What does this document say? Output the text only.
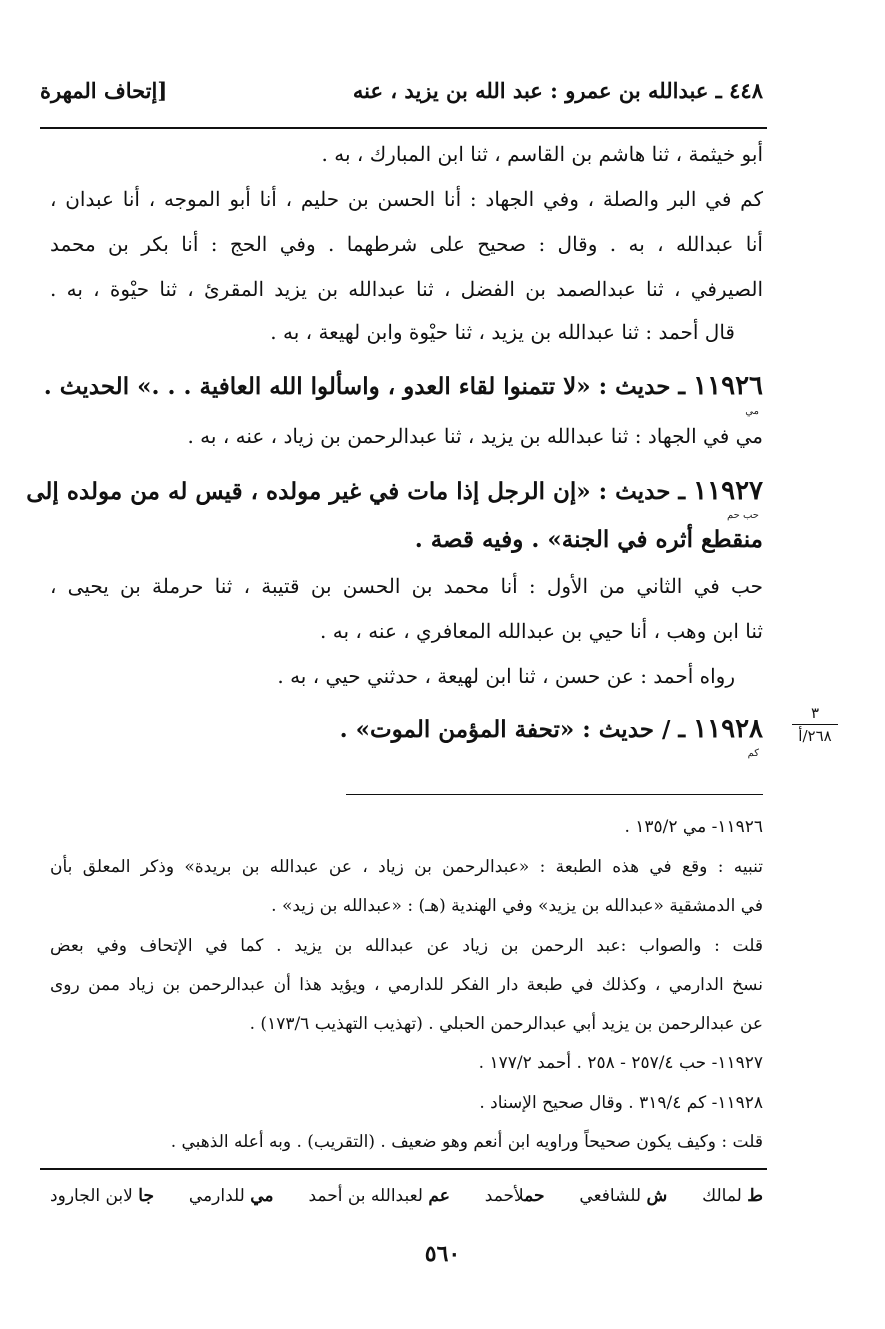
٤٤٨ ـ عبدالله بن عمرو : عبد الله بن يزيد ، عنه
[إتحاف المهرة
أبو خيثمة ، ثنا هاشم بن القاسم ، ثنا ابن المبارك ، به .
كم في البر والصلة ، وفي الجهاد : أنا الحسن بن حليم ، أنا أبو الموجه ، أنا عبدان ،
أنا عبدالله ، به . وقال : صحيح على شرطهما . وفي الحج : أنا بكر بن محمد
الصيرفي ، ثنا عبدالصمد بن الفضل ، ثنا عبدالله بن يزيد المقرئ ، ثنا حيْوة ، به .
قال أحمد : ثنا عبدالله بن يزيد ، ثنا حيْوة وابن لهيعة ، به .
١١٩٢٦ ـ حديث : «لا تتمنوا لقاء العدو ، واسألوا الله العافية . . .» الحديث .
مي
مي في الجهاد : ثنا عبدالله بن يزيد ، ثنا عبدالرحمن بن زياد ، عنه ، به .
١١٩٢٧ ـ حديث : «إن الرجل إذا مات في غير مولده ، قيس له من مولده إلى
حب حم
منقطع أثره في الجنة» . وفيه قصة .
حب في الثاني من الأول : أنا محمد بن الحسن بن قتيبة ، ثنا حرملة بن يحيى ،
ثنا ابن وهب ، أنا حيي بن عبدالله المعافري ، عنه ، به .
رواه أحمد : عن حسن ، ثنا ابن لهيعة ، حدثني حيي ، به .
١١٩٢٨ ـ / حديث : «تحفة المؤمن الموت» .
كم
٣
٢٦٨/أ
١١٩٢٦- مي ١٣٥/٢ .
تنبيه : وقع في هذه الطبعة : «عبدالرحمن بن زياد ، عن عبدالله بن بريدة» وذكر المعلق بأن
في الدمشقية «عبدالله بن يزيد» وفي الهندية (هـ) : «عبدالله بن زيد» .
قلت : والصواب :عبد الرحمن بن زياد عن عبدالله بن يزيد . كما في الإتحاف وفي بعض
نسخ الدارمي ، وكذلك في طبعة دار الفكر للدارمي ، ويؤيد هذا أن عبدالرحمن بن زياد ممن روى
عن عبدالرحمن بن يزيد أبي عبدالرحمن الحبلي . (تهذيب التهذيب ١٧٣/٦) .
١١٩٢٧- حب ٢٥٧/٤ - ٢٥٨ . أحمد ١٧٧/٢ .
١١٩٢٨- كم ٣١٩/٤ . وقال صحيح الإسناد .
قلت : وكيف يكون صحيحاً وراويه ابن أنعم وهو ضعيف . (التقريب) . وبه أعله الذهبي .
ط لمالك
ش للشافعي
حملأحمد
عم لعبدالله بن أحمد
مي للدارمي
جا لابن الجارود
٥٦٠
